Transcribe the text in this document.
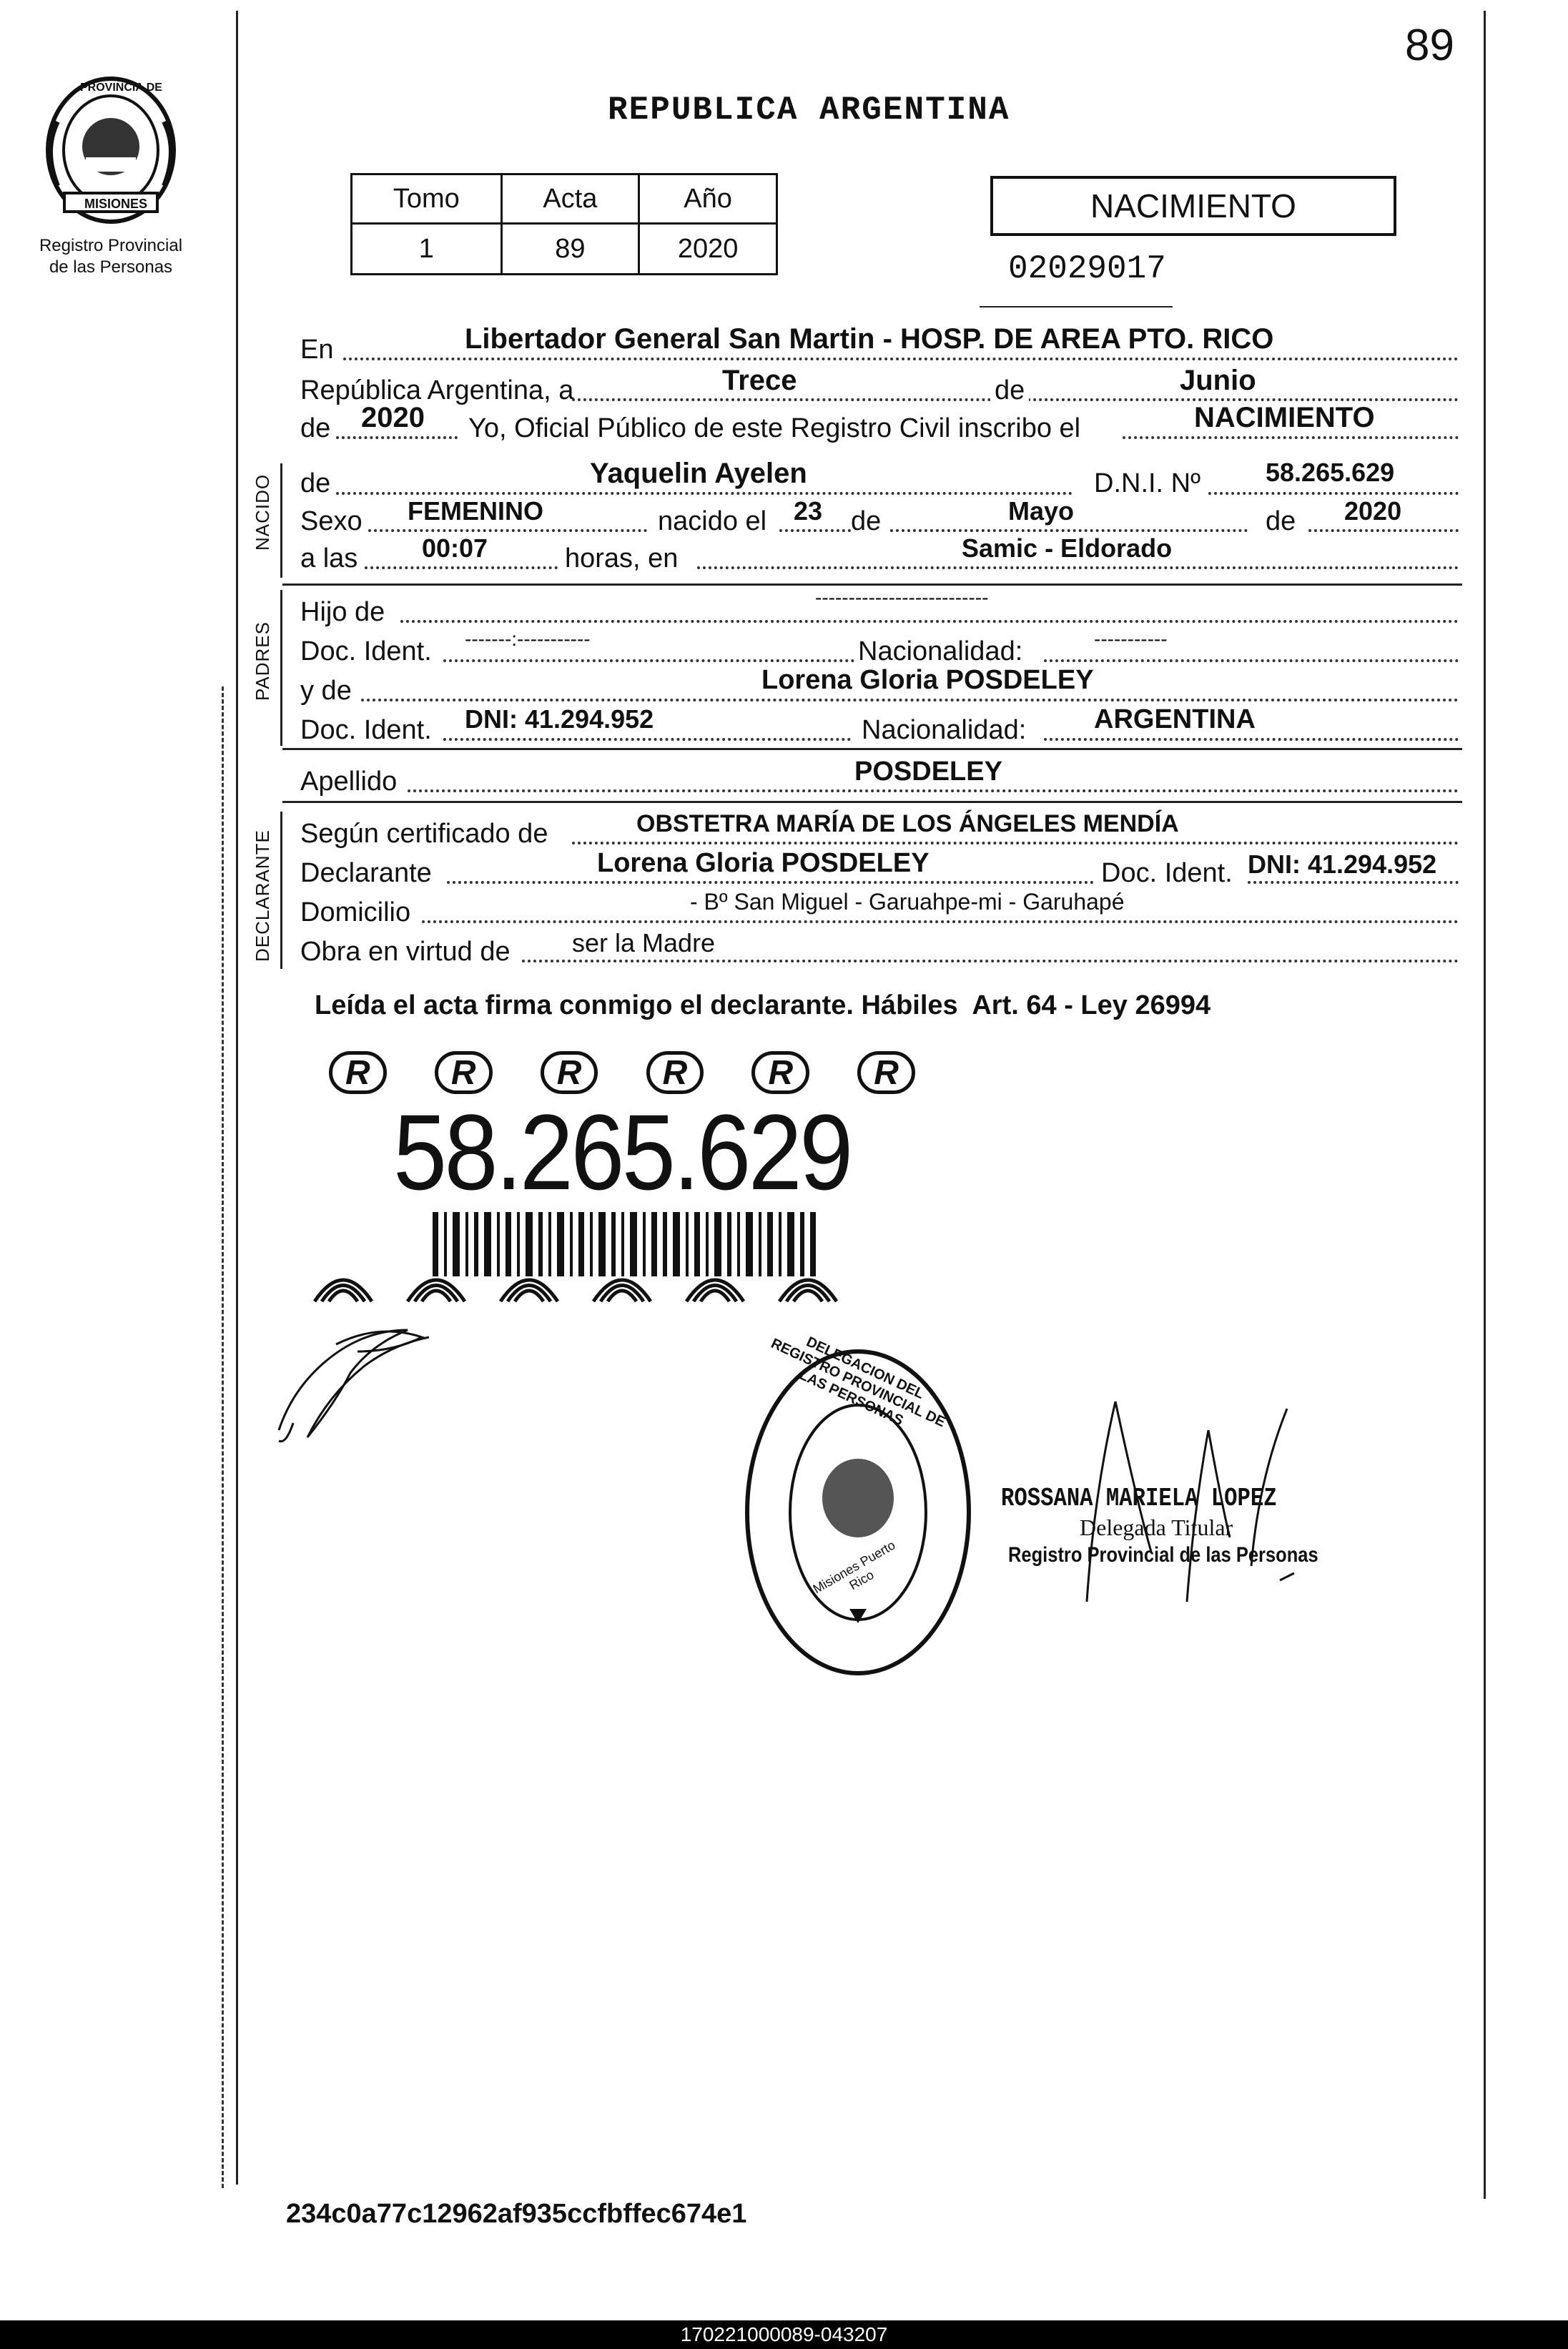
89
PROVINCIA DE
MISIONES
Registro Provincial
de las Personas
REPUBLICA ARGENTINA
Tomo	Acta	Año
1	89	2020
NACIMIENTO
02029017
En	Libertador General San Martin - HOSP. DE AREA PTO. RICO
República Argentina, a	Trece	de	Junio
de 2020 Yo, Oficial Público de este Registro Civil inscribo el	NACIMIENTO
NACIDO de	Yaquelin Ayelen	D.N.I. Nº	58.265.629
Sexo FEMENINO	nacido el 23 de	Mayo	de 2020
a las 00:07	horas, en	Samic - Eldorado
PADRES
Hijo de	--------------------------
Doc. Ident. -------:-----------	Nacionalidad:	-----------
y de	Lorena Gloria POSDELEY
Doc. Ident. DNI: 41.294.952	Nacionalidad: ARGENTINA
Apellido	POSDELEY
DECLARANTE Según certificado de	OBSTETRA MARÍA DE LOS ÁNGELES MENDÍA
Declarante	Lorena Gloria POSDELEY	Doc. Ident. DNI: 41.294.952
Domicilio	- Bº San Miguel - Garuahpe-mi - Garuhapé
Obra en virtud de ser la Madre
Leída el acta firma conmigo el declarante. Hábiles  Art. 64 - Ley 26994
R	R	R	R	R	R
58.265.629
DELEGACION DEL REGISTRO PROVINCIAL DE LAS PERSONAS
Misiones Puerto Rico
ROSSANA MARIELA LOPEZ
Delegada Titular
Registro Provincial de las Personas
234c0a77c12962af935ccfbffec674e1
170221000089-043207
